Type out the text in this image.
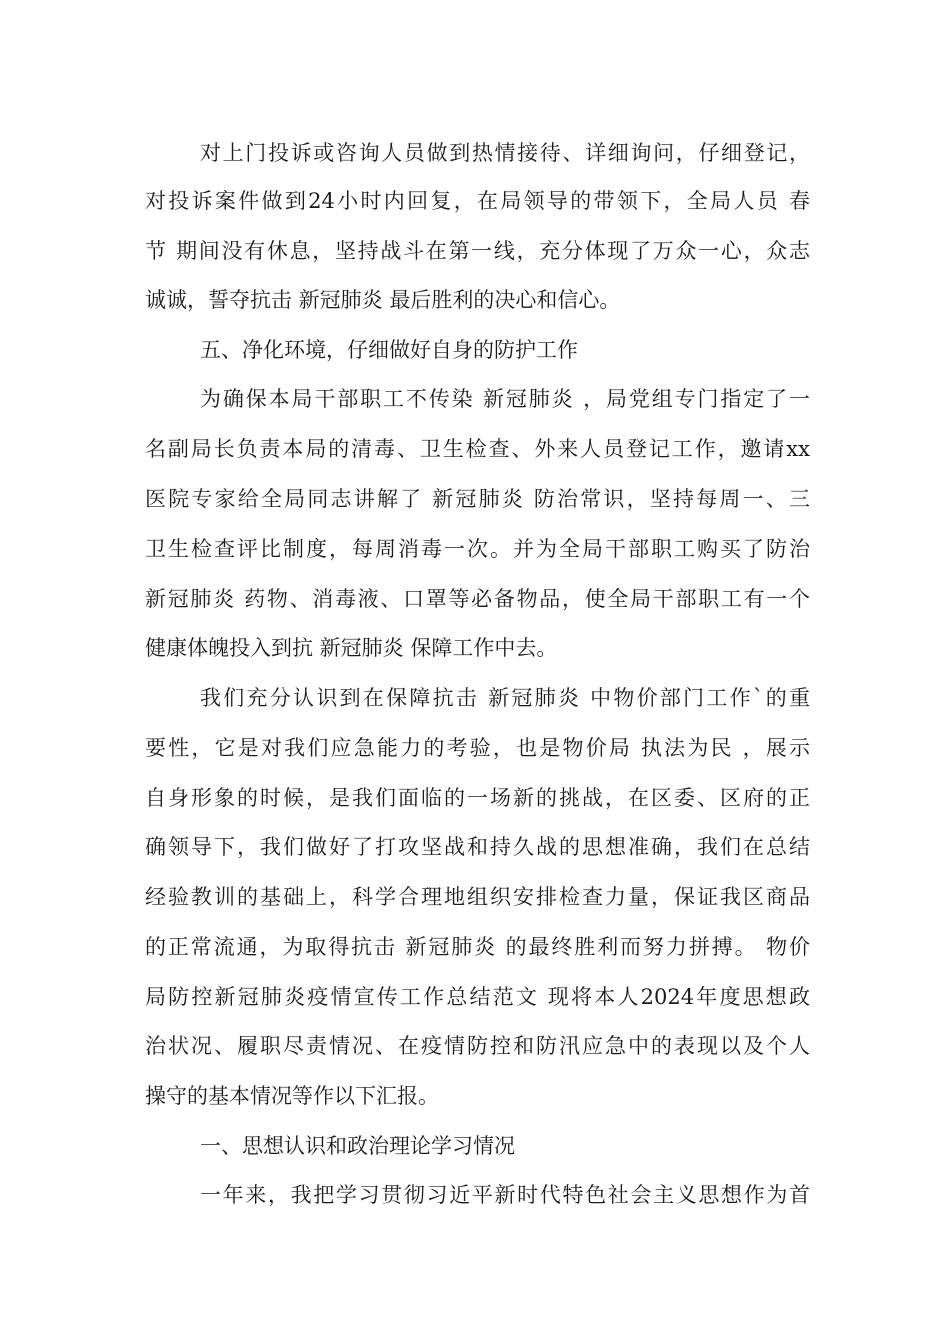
对上门投诉或咨询人员做到热情接待、详细询问，仔细登记，
对投诉案件做到24小时内回复，在局领导的带领下，全局人员 春
节 期间没有休息，坚持战斗在第一线，充分体现了万众一心，众志
诚诚，誓夺抗击 新冠肺炎 最后胜利的决心和信心。
五、净化环境，仔细做好自身的防护工作
为确保本局干部职工不传染 新冠肺炎 ，局党组专门指定了一
名副局长负责本局的清毒、卫生检查、外来人员登记工作，邀请xx
医院专家给全局同志讲解了 新冠肺炎 防治常识，坚持每周一、三
卫生检查评比制度，每周消毒一次。并为全局干部职工购买了防治
新冠肺炎 药物、消毒液、口罩等必备物品，使全局干部职工有一个
健康体魄投入到抗 新冠肺炎 保障工作中去。
我们充分认识到在保障抗击 新冠肺炎 中物价部门工作`的重
要性，它是对我们应急能力的考验，也是物价局 执法为民 ，展示
自身形象的时候，是我们面临的一场新的挑战，在区委、区府的正
确领导下，我们做好了打攻坚战和持久战的思想准确，我们在总结
经验教训的基础上，科学合理地组织安排检查力量，保证我区商品
的正常流通，为取得抗击 新冠肺炎 的最终胜利而努力拼搏。 物价
局防控新冠肺炎疫情宣传工作总结范文 现将本人2024年度思想政
治状况、履职尽责情况、在疫情防控和防汛应急中的表现以及个人
操守的基本情况等作以下汇报。
一、思想认识和政治理论学习情况
一年来，我把学习贯彻习近平新时代特色社会主义思想作为首
